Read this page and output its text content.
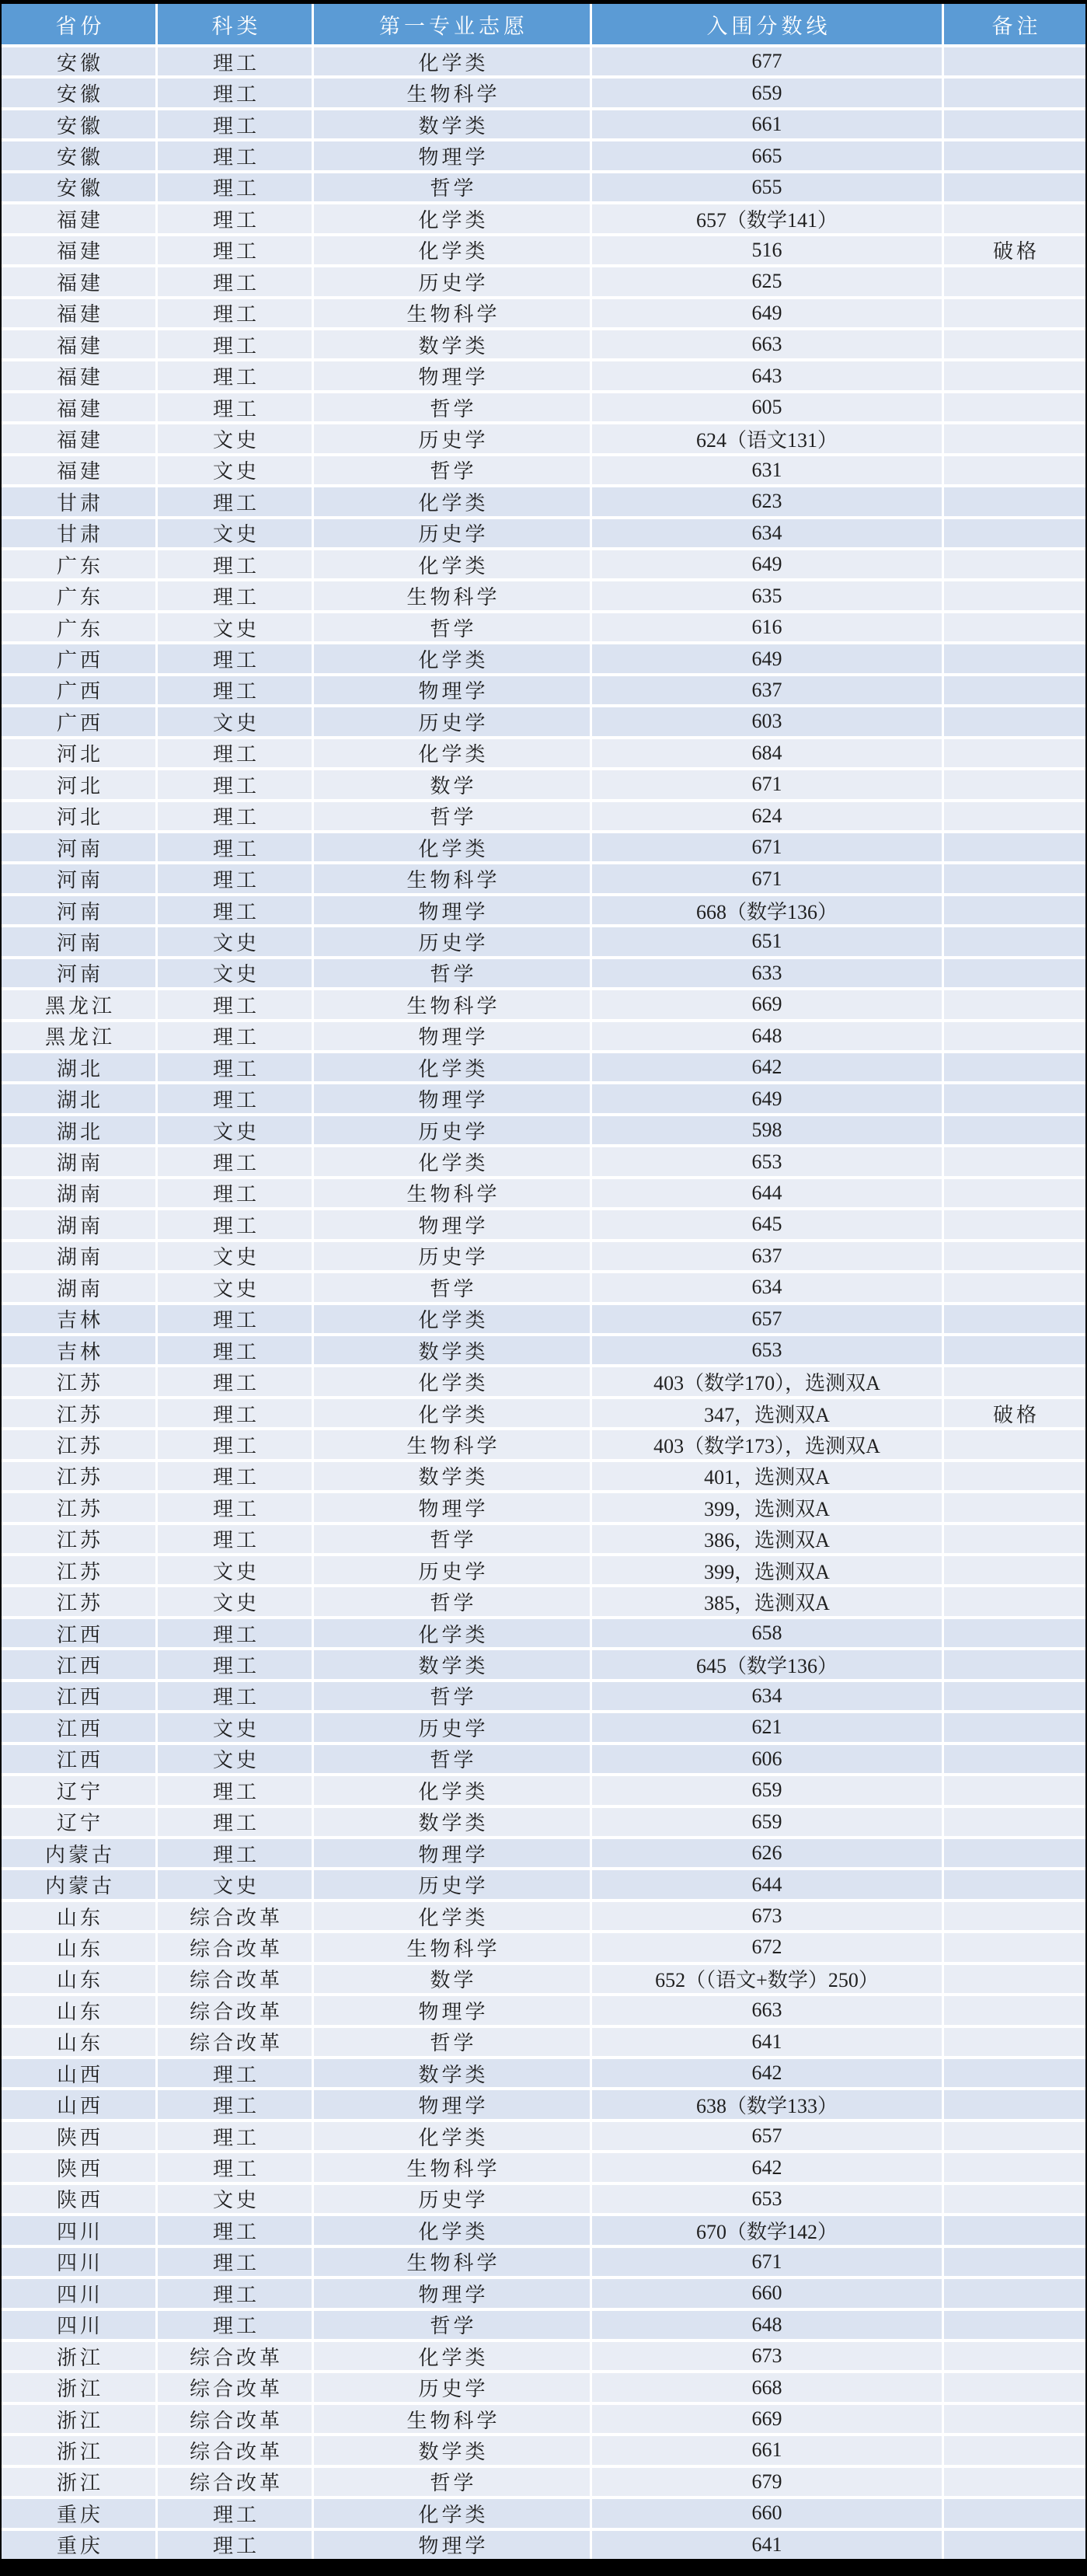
省份	科类	第一专业志愿	入围分数线	备注
安徽	理工	化学类	677
安徽	理工	生物科学	659
安徽	理工	数学类	661
安徽	理工	物理学	665
安徽	理工	哲学	655
福建	理工	化学类	657（数学141）
福建	理工	化学类	516	破格
福建	理工	历史学	625
福建	理工	生物科学	649
福建	理工	数学类	663
福建	理工	物理学	643
福建	理工	哲学	605
福建	文史	历史学	624（语文131）
福建	文史	哲学	631
甘肃	理工	化学类	623
甘肃	文史	历史学	634
广东	理工	化学类	649
广东	理工	生物科学	635
广东	文史	哲学	616
广西	理工	化学类	649
广西	理工	物理学	637
广西	文史	历史学	603
河北	理工	化学类	684
河北	理工	数学	671
河北	理工	哲学	624
河南	理工	化学类	671
河南	理工	生物科学	671
河南	理工	物理学	668（数学136）
河南	文史	历史学	651
河南	文史	哲学	633
黑龙江	理工	生物科学	669
黑龙江	理工	物理学	648
湖北	理工	化学类	642
湖北	理工	物理学	649
湖北	文史	历史学	598
湖南	理工	化学类	653
湖南	理工	生物科学	644
湖南	理工	物理学	645
湖南	文史	历史学	637
湖南	文史	哲学	634
吉林	理工	化学类	657
吉林	理工	数学类	653
江苏	理工	化学类	403（数学170），选测双A
江苏	理工	化学类	347，选测双A	破格
江苏	理工	生物科学	403（数学173），选测双A
江苏	理工	数学类	401，选测双A
江苏	理工	物理学	399，选测双A
江苏	理工	哲学	386，选测双A
江苏	文史	历史学	399，选测双A
江苏	文史	哲学	385，选测双A
江西	理工	化学类	658
江西	理工	数学类	645（数学136）
江西	理工	哲学	634
江西	文史	历史学	621
江西	文史	哲学	606
辽宁	理工	化学类	659
辽宁	理工	数学类	659
内蒙古	理工	物理学	626
内蒙古	文史	历史学	644
山东	综合改革	化学类	673
山东	综合改革	生物科学	672
山东	综合改革	数学	652（（语文+数学）250）
山东	综合改革	物理学	663
山东	综合改革	哲学	641
山西	理工	数学类	642
山西	理工	物理学	638（数学133）
陕西	理工	化学类	657
陕西	理工	生物科学	642
陕西	文史	历史学	653
四川	理工	化学类	670（数学142）
四川	理工	生物科学	671
四川	理工	物理学	660
四川	理工	哲学	648
浙江	综合改革	化学类	673
浙江	综合改革	历史学	668
浙江	综合改革	生物科学	669
浙江	综合改革	数学类	661
浙江	综合改革	哲学	679
重庆	理工	化学类	660
重庆	理工	物理学	641
